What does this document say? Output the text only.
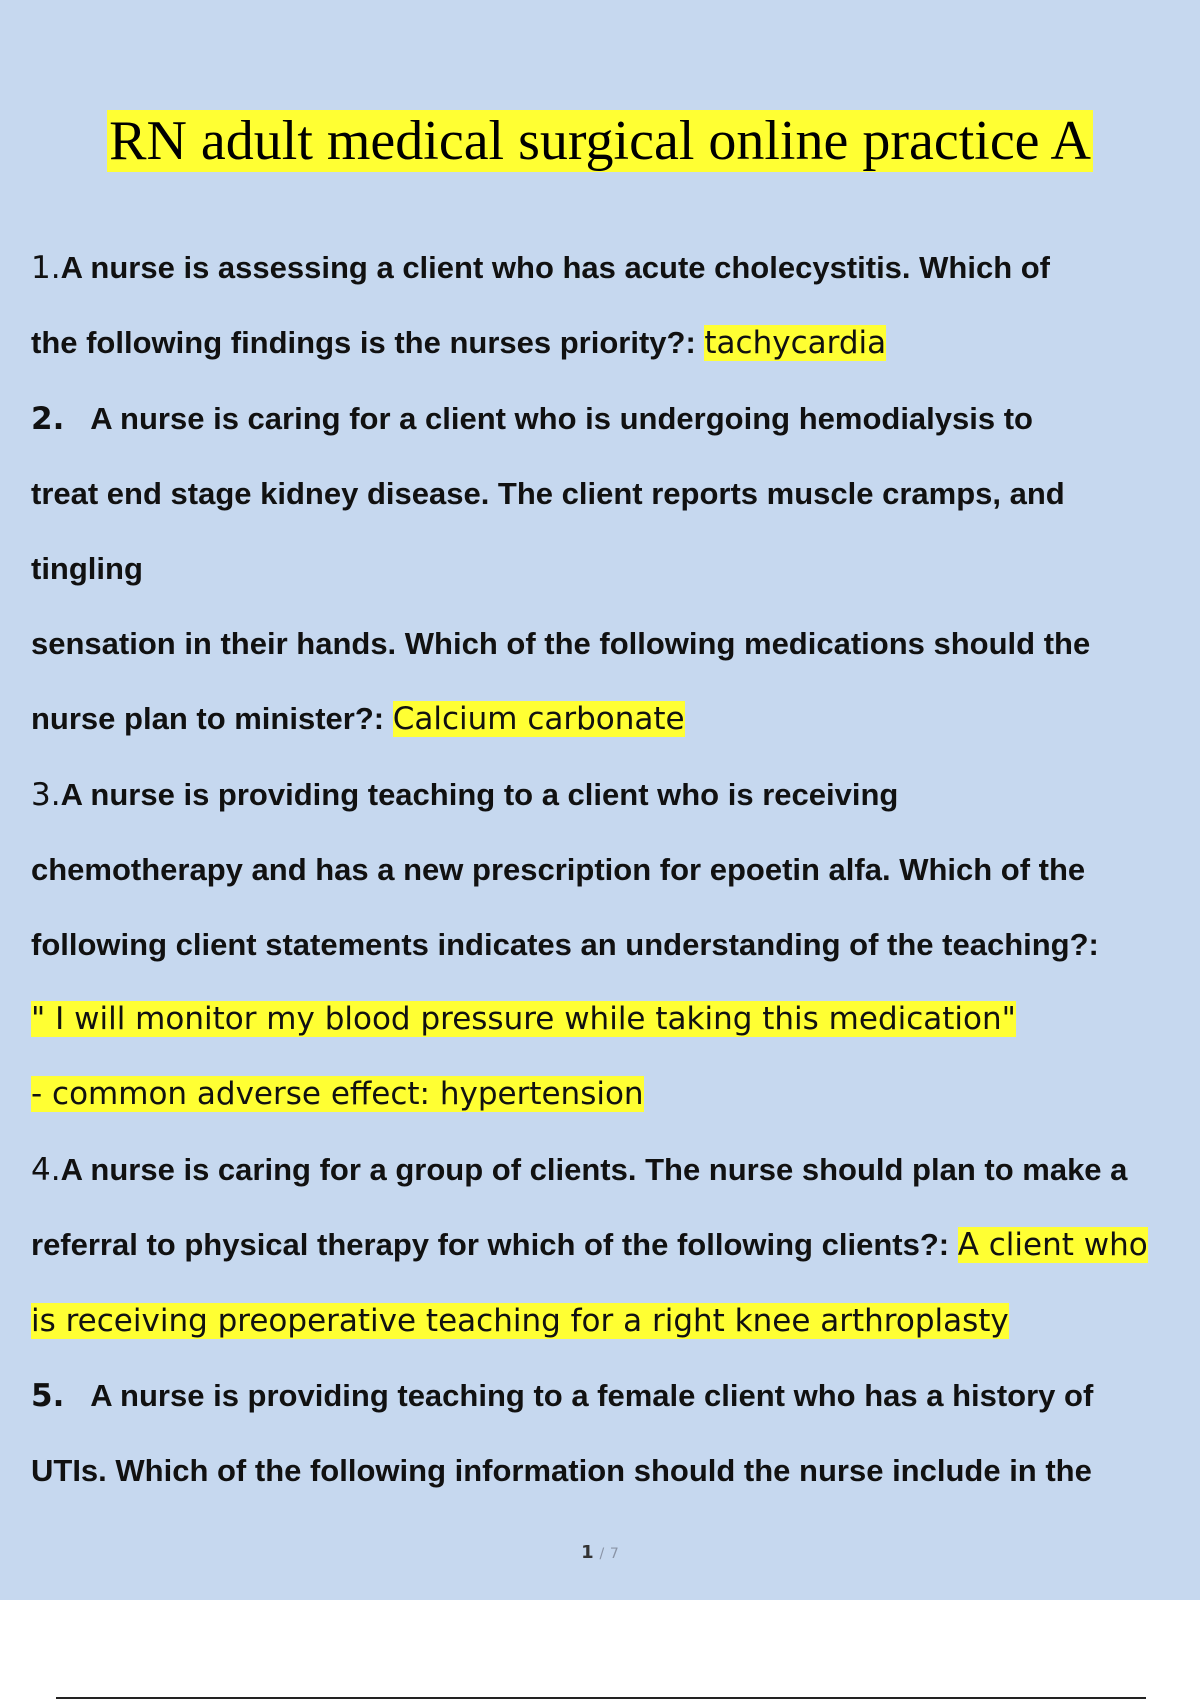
RN adult medical surgical online practice A
1.A nurse is assessing a client who has acute cholecystitis. Which of
the following findings is the nurses priority?: tachycardia
2. A nurse is caring for a client who is undergoing hemodialysis to
treat end stage kidney disease. The client reports muscle cramps, and
tingling
sensation in their hands. Which of the following medications should the
nurse plan to minister?: Calcium carbonate
3.A nurse is providing teaching to a client who is receiving
chemotherapy and has a new prescription for epoetin alfa. Which of the
following client statements indicates an understanding of the teaching?:
" I will monitor my blood pressure while taking this medication"
- common adverse effect: hypertension
4.A nurse is caring for a group of clients. The nurse should plan to make a
referral to physical therapy for which of the following clients?: A client who
is receiving preoperative teaching for a right knee arthroplasty
5. A nurse is providing teaching to a female client who has a history of
UTIs. Which of the following information should the nurse include in the
1 / 7
